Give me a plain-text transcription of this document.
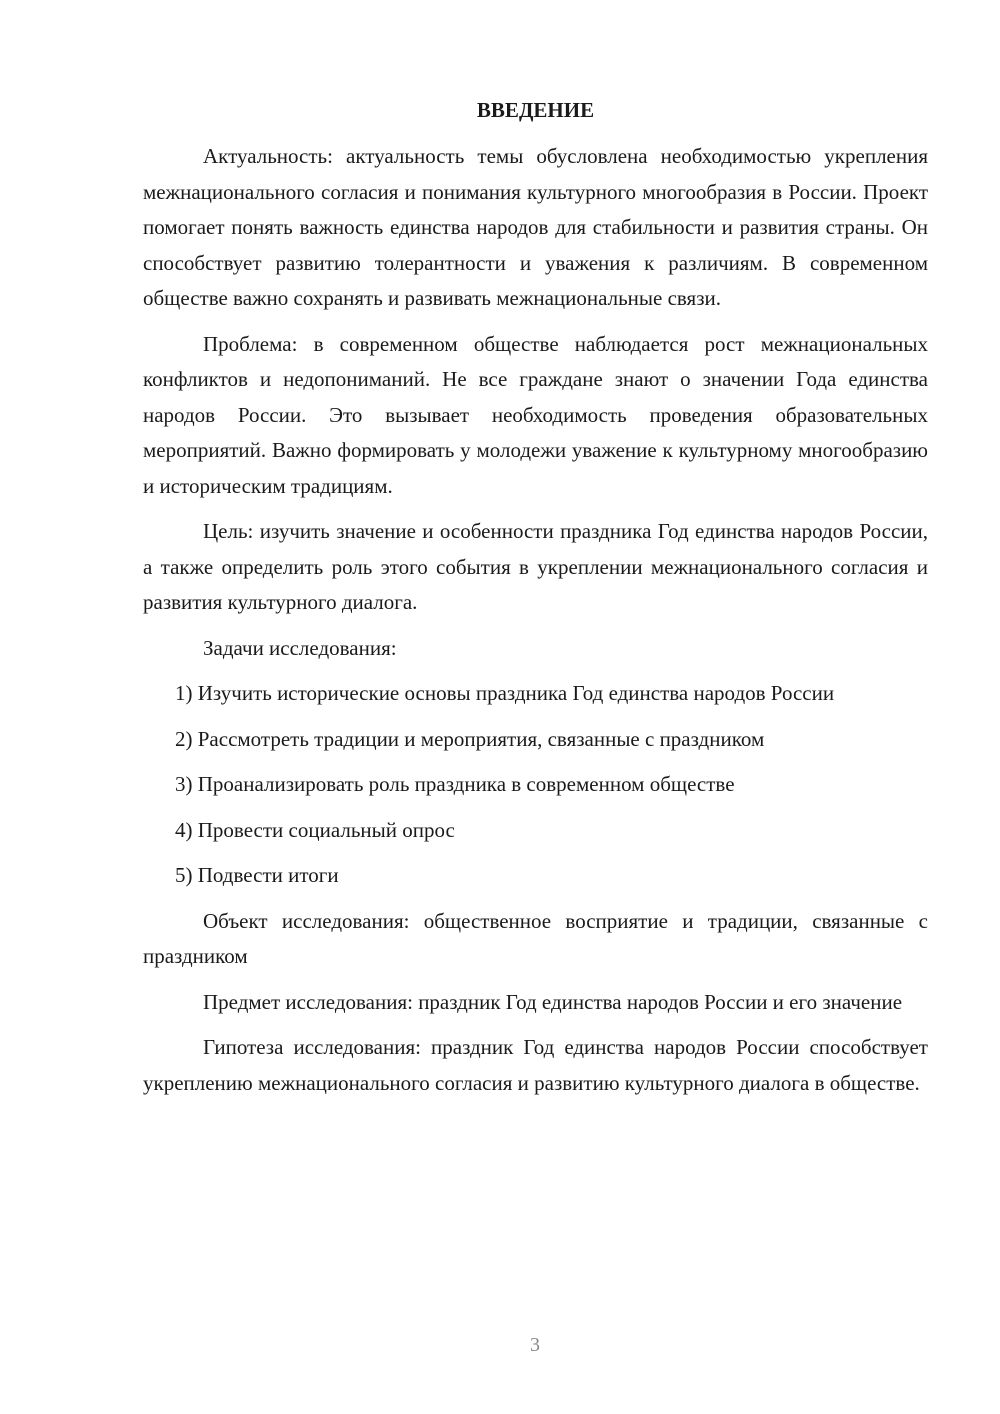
ВВЕДЕНИЕ

Актуальность: актуальность темы обусловлена необходимостью укрепления межнационального согласия и понимания культурного многообразия в России. Проект помогает понять важность единства народов для стабильности и развития страны. Он способствует развитию толерантности и уважения к различиям. В современном обществе важно сохранять и развивать межнациональные связи.

Проблема: в современном обществе наблюдается рост межнациональных конфликтов и недопониманий. Не все граждане знают о значении Года единства народов России. Это вызывает необходимость проведения образовательных мероприятий. Важно формировать у молодежи уважение к культурному многообразию и историческим традициям.

Цель: изучить значение и особенности праздника Год единства народов России, а также определить роль этого события в укреплении межнационального согласия и развития культурного диалога.

Задачи исследования:

1) Изучить исторические основы праздника Год единства народов России
2) Рассмотреть традиции и мероприятия, связанные с праздником
3) Проанализировать роль праздника в современном обществе
4) Провести социальный опрос
5) Подвести итоги

Объект исследования: общественное восприятие и традиции, связанные с праздником

Предмет исследования: праздник Год единства народов России и его значение

Гипотеза исследования: праздник Год единства народов России способствует укреплению межнационального согласия и развитию культурного диалога в обществе.

3
